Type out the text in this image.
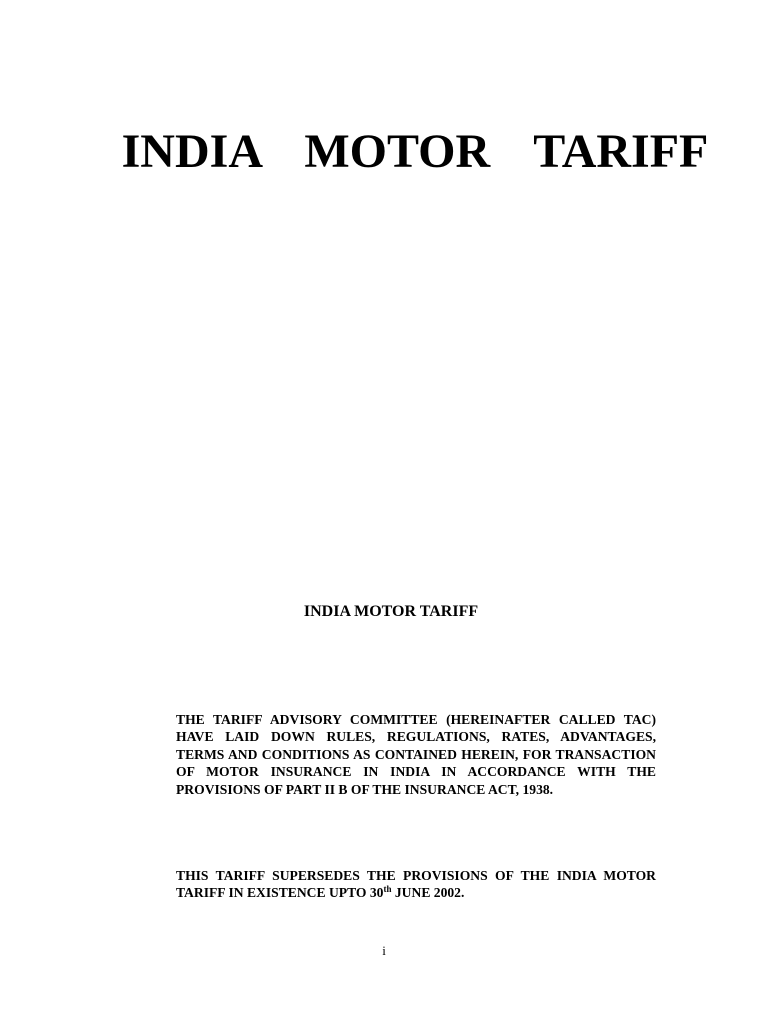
INDIA  MOTOR  TARIFF
INDIA MOTOR TARIFF

THE TARIFF ADVISORY COMMITTEE (HEREINAFTER CALLED TAC) HAVE LAID DOWN RULES, REGULATIONS, RATES, ADVANTAGES, TERMS AND CONDITIONS AS CONTAINED HEREIN, FOR TRANSACTION OF MOTOR INSURANCE IN INDIA IN ACCORDANCE WITH THE PROVISIONS OF PART II B OF THE INSURANCE ACT, 1938.

THIS TARIFF SUPERSEDES THE PROVISIONS OF THE INDIA MOTOR TARIFF IN EXISTENCE UPTO 30th JUNE 2002.

i
